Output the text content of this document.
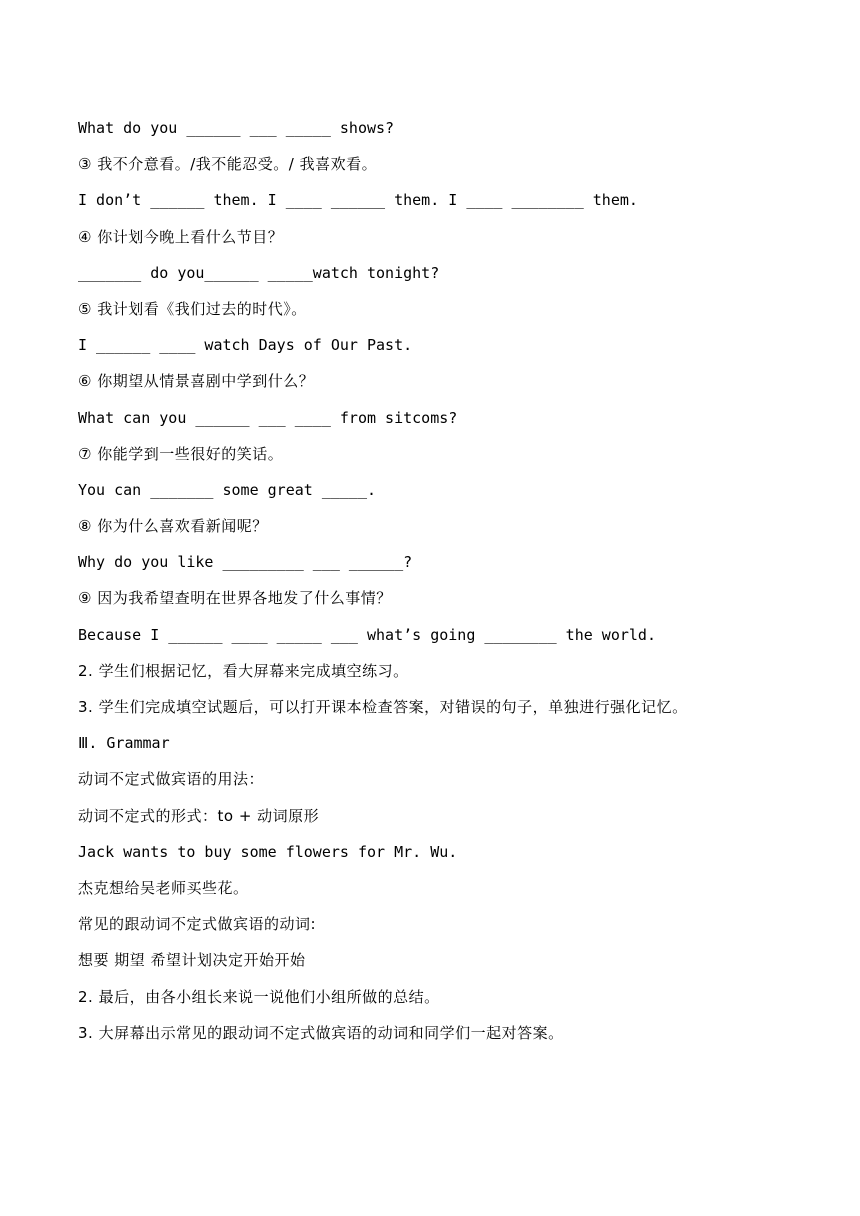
What do you ______ ___ _____ shows?
③ 我不介意看。/我不能忍受。/ 我喜欢看。
I don’t ______ them. I ____ ______ them. I ____ ________ them.
④ 你计划今晚上看什么节目？
_______ do you______ _____watch tonight?
⑤ 我计划看《我们过去的时代》。
I ______ ____ watch Days of Our Past.
⑥ 你期望从情景喜剧中学到什么？
What can you ______ ___ ____ from sitcoms?
⑦ 你能学到一些很好的笑话。
You can _______ some great _____.
⑧ 你为什么喜欢看新闻呢？
Why do you like _________ ___ ______?
⑨ 因为我希望查明在世界各地发了什么事情？
Because I ______ ____ _____ ___ what’s going ________ the world.
2. 学生们根据记忆，看大屏幕来完成填空练习。
3. 学生们完成填空试题后，可以打开课本检查答案，对错误的句子，单独进行强化记忆。
Ⅲ. Grammar
动词不定式做宾语的用法：
动词不定式的形式：to + 动词原形
Jack wants to buy some flowers for Mr. Wu.
杰克想给吴老师买些花。
常见的跟动词不定式做宾语的动词:
想要 期望 希望计划决定开始开始
2. 最后，由各小组长来说一说他们小组所做的总结。
3. 大屏幕出示常见的跟动词不定式做宾语的动词和同学们一起对答案。
